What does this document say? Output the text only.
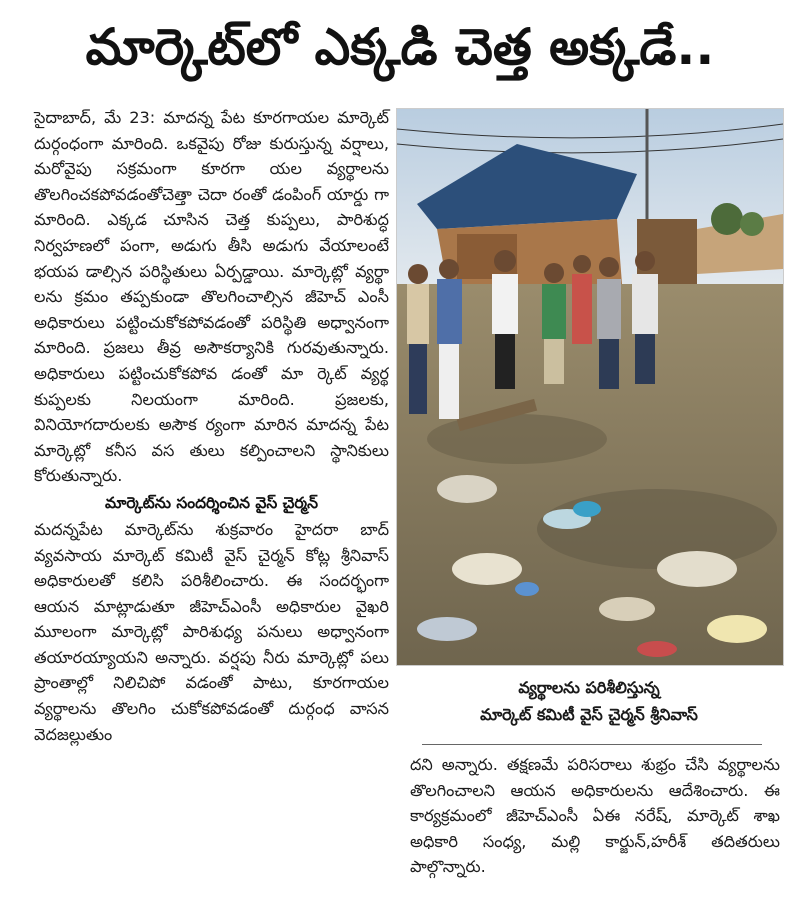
మార్కెట్‌లో ఎక్కడి చెత్త అక్కడే..

సైదాబాద్, మే 23: మాదన్న పేట కూరగాయల మార్కెట్ దుర్గంధంగా మారింది. ఒకవైపు రోజు కురుస్తున్న వర్షాలు, మరోవైపు సక్రమంగా కూరగా యల వ్యర్థాలను తొలగించకపోవడంతోచెత్తా చెదా రంతో డంపింగ్ యార్డు గా మారింది. ఎక్కడ చూసిన చెత్త కుప్పలు, పారిశుద్ధ నిర్వహణలో పంగా, అడుగు తీసి అడుగు వేయాలంటే భయప డాల్సిన పరిస్థితులు ఏర్పడ్డాయి. మార్కెట్లో వ్యర్థా లను క్రమం తప్పకుండా తొలగించాల్సిన జీహెచ్ ఎంసీ అధికారులు పట్టించుకోకపోవడంతో పరిస్థితి అధ్వానంగా మారింది. ప్రజలు తీవ్ర అసౌకర్యానికి గురవుతున్నారు. అధికారులు పట్టించుకోకపోవ డంతో మా ర్కెట్ వ్యర్థ కుప్పలకు నిలయంగా మారింది. ప్రజలకు, వినియోగదారులకు అసౌక ర్యంగా మారిన మాదన్న పేట మార్కెట్లో కనీస వస తులు కల్పించాలని స్థానికులు కోరుతున్నారు.

మార్కెట్‌ను సందర్శించిన వైస్ చైర్మన్

మదన్నపేట మార్కెట్‌ను శుక్రవారం హైదరా బాద్ వ్యవసాయ మార్కెట్ కమిటీ వైస్ చైర్మన్ కోట్ల శ్రీనివాస్ అధికారులతో కలిసి పరిశీలించారు. ఈ సందర్భంగా ఆయన మాట్లాడుతూ జీహెచ్ఎంసీ అధికారుల వైఖరి మూలంగా మార్కెట్లో పారిశుధ్య పనులు అధ్వానంగా తయారయ్యాయని అన్నారు. వర్షపు నీరు మార్కెట్లో పలు ప్రాంతాల్లో నిలిచిపో వడంతో పాటు, కూరగాయల వ్యర్థాలను తొలగిం చుకోకపోవడంతో దుర్గంధ వాసన వెదజల్లుతుం

వ్యర్థాలను పరిశీలిస్తున్న
మార్కెట్ కమిటీ వైస్ చైర్మన్ శ్రీనివాస్

దని అన్నారు. తక్షణమే పరిసరాలు శుభ్రం చేసి వ్యర్థాలను తొలగించాలని ఆయన అధికారులను ఆదేశించారు. ఈ కార్యక్రమంలో జీహెచ్ఎంసీ ఏఈ నరేష్, మార్కెట్ శాఖ అధికారి సంధ్య, మల్లి కార్జున్,హరీశ్ తదితరులు పాల్గొన్నారు.
